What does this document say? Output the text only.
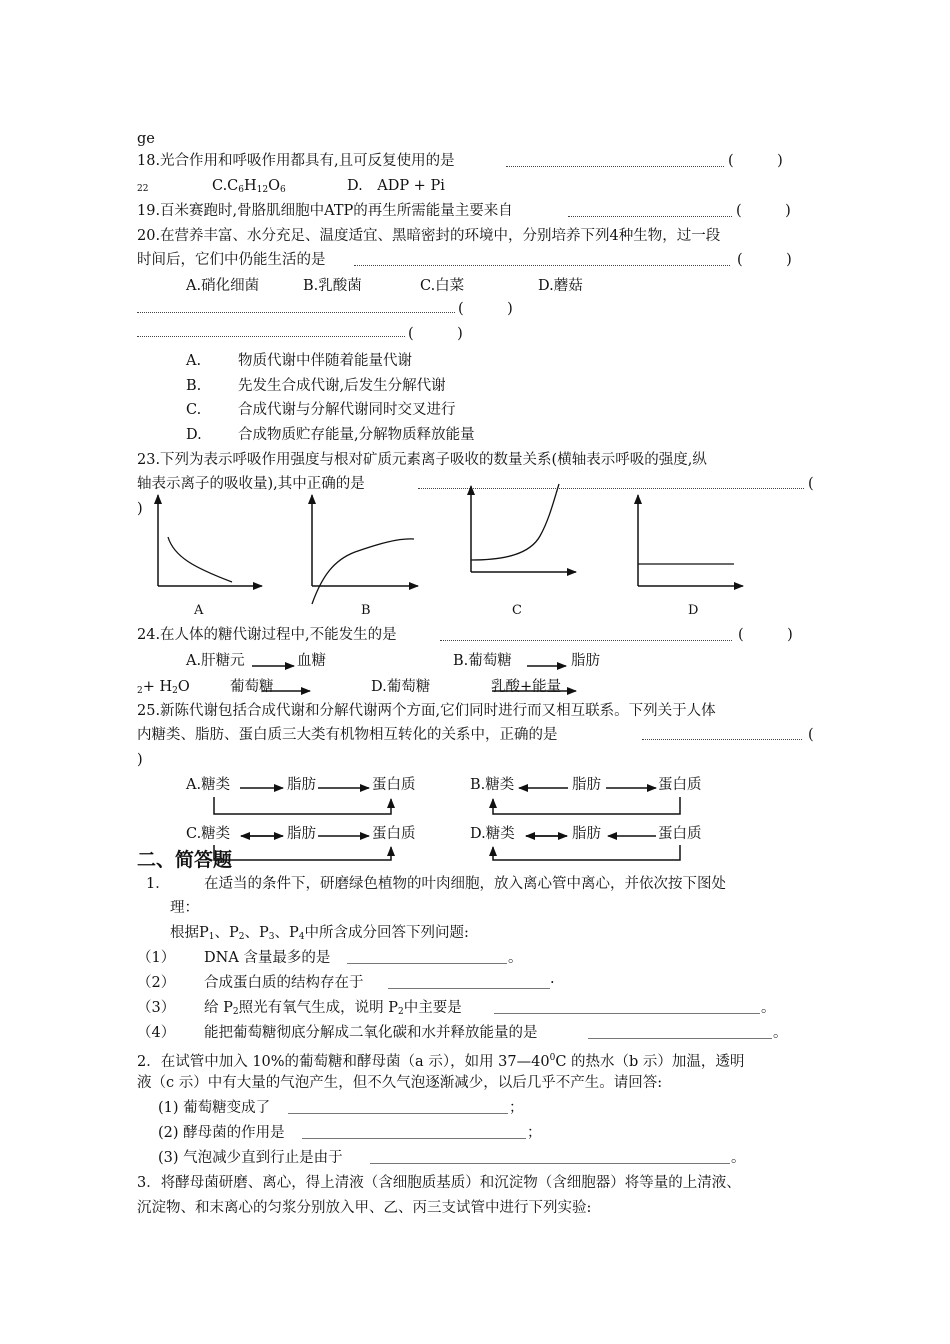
ge
18.光合作用和呼吸作用都具有,且可反复使用的是	(　　　)
22	$C.C_6H_{12}O_6$	D.　ADP + Pi
19.百米赛跑时,骨胳肌细胞中ATP的再生所需能量主要来自	(　　　)
20.在营养丰富、水分充足、温度适宜、黑暗密封的环境中，分别培养下列4种生物，过一段
时间后，它们中仍能生活的是	(　　　)
A.硝化细菌	B.乳酸菌	C.白菜	D.蘑菇
(　　　)
(　　　)
A.	物质代谢中伴随着能量代谢
B.	先发生合成代谢,后发生分解代谢
C.	合成代谢与分解代谢同时交叉进行
D.	合成物质贮存能量,分解物质释放能量
23.下列为表示呼吸作用强度与根对矿质元素离子吸收的数量关系(横轴表示呼吸的强度,纵
轴表示离子的吸收量),其中正确的是	(
)
A	B	C	D
24.在人体的糖代谢过程中,不能发生的是	(　　　)
A.肝糖元	血糖	B.葡萄糖	脂肪
$_2+ H_2O$	葡萄糖	D.葡萄糖	乳酸+能量
25.新陈代谢包括合成代谢和分解代谢两个方面,它们同时进行而又相互联系。下列关于人体
内糖类、脂肪、蛋白质三大类有机物相互转化的关系中，正确的是	(
)
A.糖类	脂肪	蛋白质	B.糖类	脂肪	蛋白质
C.糖类	脂肪	蛋白质	D.糖类	脂肪	蛋白质
二、简答题
1． 在适当的条件下，研磨绿色植物的叶肉细胞，放入离心管中离心，并依次按下图处
理：
根据$P_1$、$P_2$、$P_3$、$P_4$中所含成分回答下列问题:
（1） DNA 含量最多的是	。
（2） 合成蛋白质的结构存在于	·
（3） 给 $P_2$照光有氧气生成，说明 $P_2$中主要是	。
（4） 能把葡萄糖彻底分解成二氧化碳和水并释放能量的是	。
2．在试管中加入 10%的葡萄糖和酵母菌（a 示），如用 $37—40^0C$ 的热水（b 示）加温，透明
液（c 示）中有大量的气泡产生，但不久气泡逐渐减少，以后几乎不产生。请回答:
(1) 葡萄糖变成了	；
(2) 酵母菌的作用是	；
(3) 气泡减少直到行止是由于	。
3．将酵母菌研磨、离心，得上清液（含细胞质基质）和沉淀物（含细胞器）将等量的上清液、
沉淀物、和末离心的匀浆分别放入甲、乙、丙三支试管中进行下列实验:
